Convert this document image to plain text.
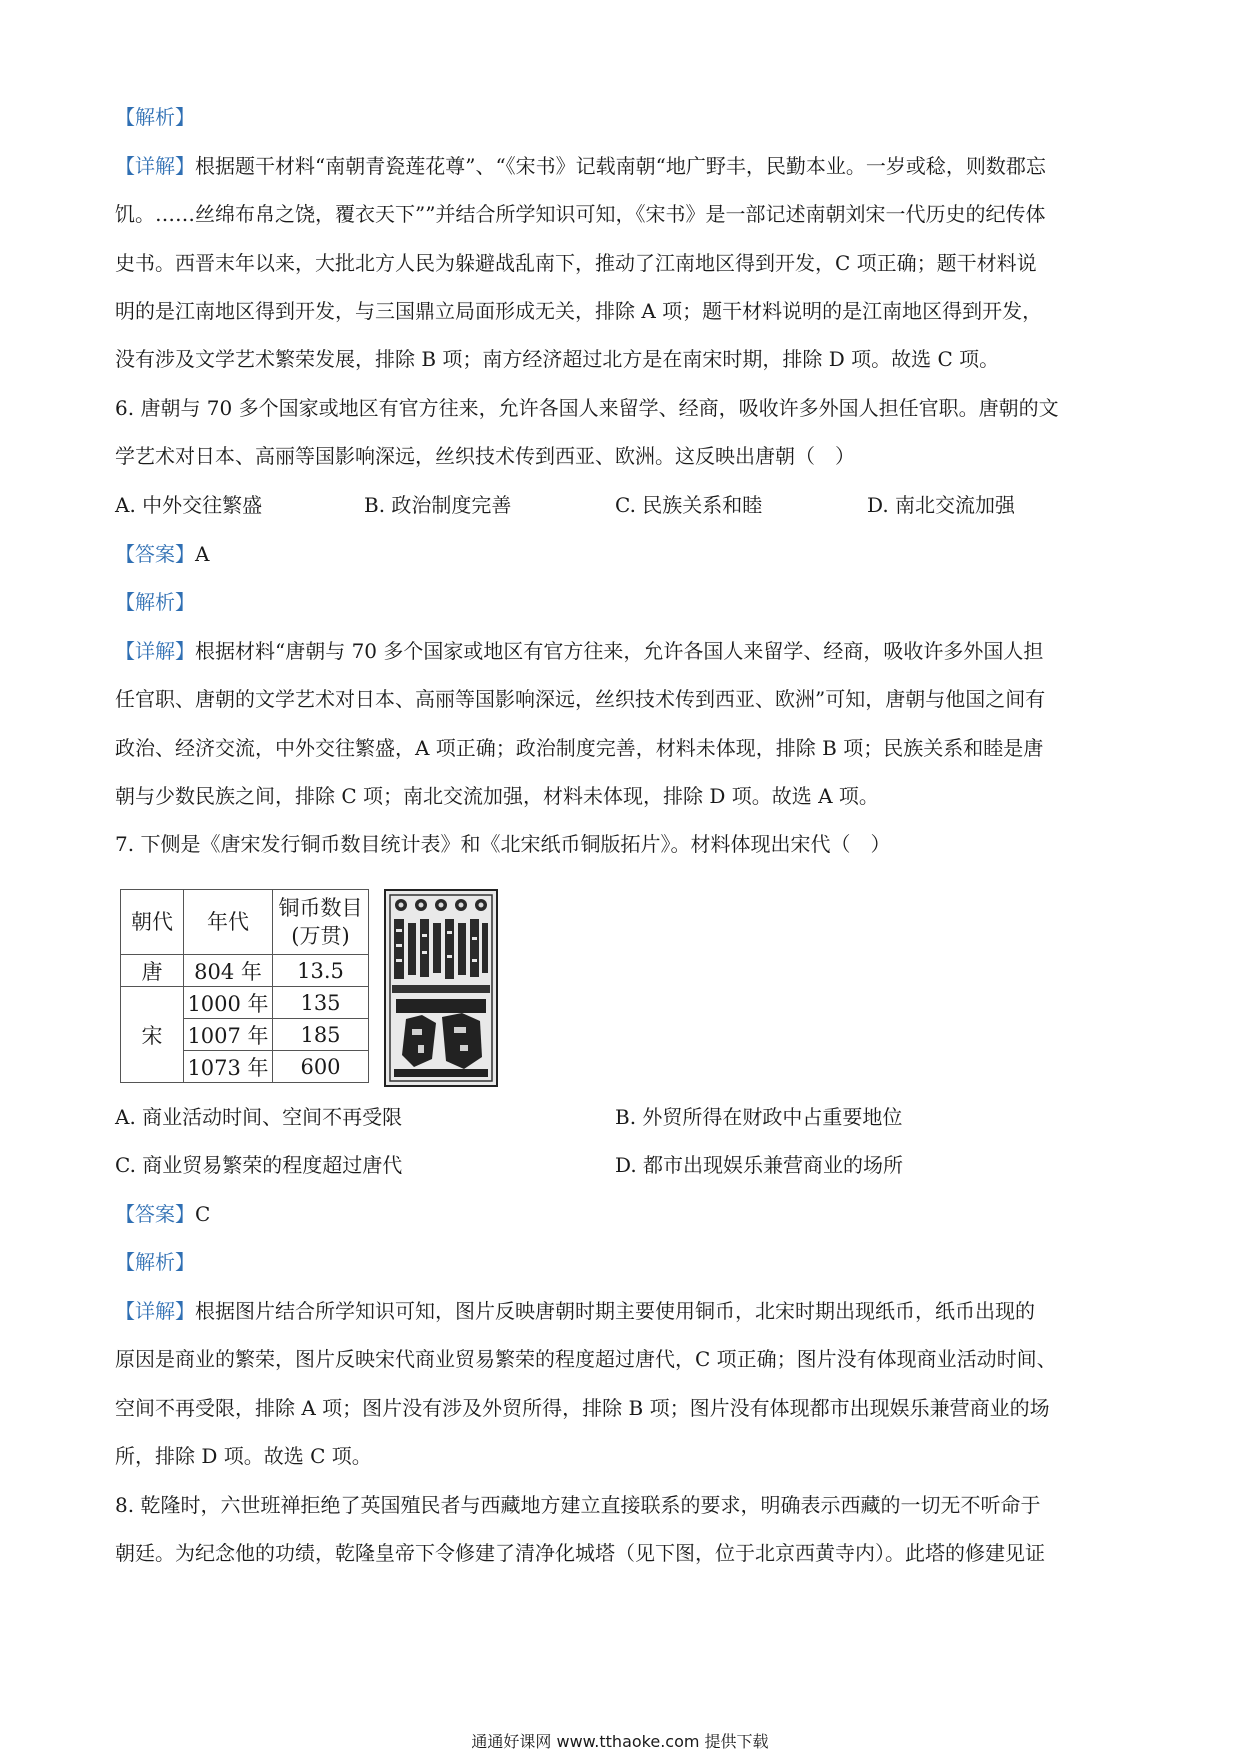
【解析】
【详解】根据题干材料“南朝青瓷莲花尊”、“《宋书》记载南朝“地广野丰，民勤本业。一岁或稔，则数郡忘
饥。……丝绵布帛之饶，覆衣天下””并结合所学知识可知，《宋书》是一部记述南朝刘宋一代历史的纪传体
史书。西晋末年以来，大批北方人民为躲避战乱南下，推动了江南地区得到开发，C 项正确；题干材料说
明的是江南地区得到开发，与三国鼎立局面形成无关，排除 A 项；题干材料说明的是江南地区得到开发，
没有涉及文学艺术繁荣发展，排除 B 项；南方经济超过北方是在南宋时期，排除 D 项。故选 C 项。
6. 唐朝与 70 多个国家或地区有官方往来，允许各国人来留学、经商，吸收许多外国人担任官职。唐朝的文
学艺术对日本、高丽等国影响深远，丝织技术传到西亚、欧洲。这反映出唐朝（　）
A. 中外交往繁盛	B. 政治制度完善	C. 民族关系和睦	D. 南北交流加强
【答案】A
【解析】
【详解】根据材料“唐朝与 70 多个国家或地区有官方往来，允许各国人来留学、经商，吸收许多外国人担
任官职、唐朝的文学艺术对日本、高丽等国影响深远，丝织技术传到西亚、欧洲”可知，唐朝与他国之间有
政治、经济交流，中外交往繁盛，A 项正确；政治制度完善，材料未体现，排除 B 项；民族关系和睦是唐
朝与少数民族之间，排除 C 项；南北交流加强，材料未体现，排除 D 项。故选 A 项。
7. 下侧是《唐宋发行铜币数目统计表》和《北宋纸币铜版拓片》。材料体现出宋代（　）
朝代	年代	铜币数目
(万贯)
唐	804 年	13.5
宋	1000 年	135
	1007 年	185
	1073 年	600
A. 商业活动时间、空间不再受限	B. 外贸所得在财政中占重要地位
C. 商业贸易繁荣的程度超过唐代	D. 都市出现娱乐兼营商业的场所
【答案】C
【解析】
【详解】根据图片结合所学知识可知，图片反映唐朝时期主要使用铜币，北宋时期出现纸币，纸币出现的
原因是商业的繁荣，图片反映宋代商业贸易繁荣的程度超过唐代，C 项正确；图片没有体现商业活动时间、
空间不再受限，排除 A 项；图片没有涉及外贸所得，排除 B 项；图片没有体现都市出现娱乐兼营商业的场
所，排除 D 项。故选 C 项。
8. 乾隆时，六世班禅拒绝了英国殖民者与西藏地方建立直接联系的要求，明确表示西藏的一切无不听命于
朝廷。为纪念他的功绩，乾隆皇帝下令修建了清净化城塔（见下图，位于北京西黄寺内）。此塔的修建见证
通通好课网 www.tthaoke.com 提供下载
